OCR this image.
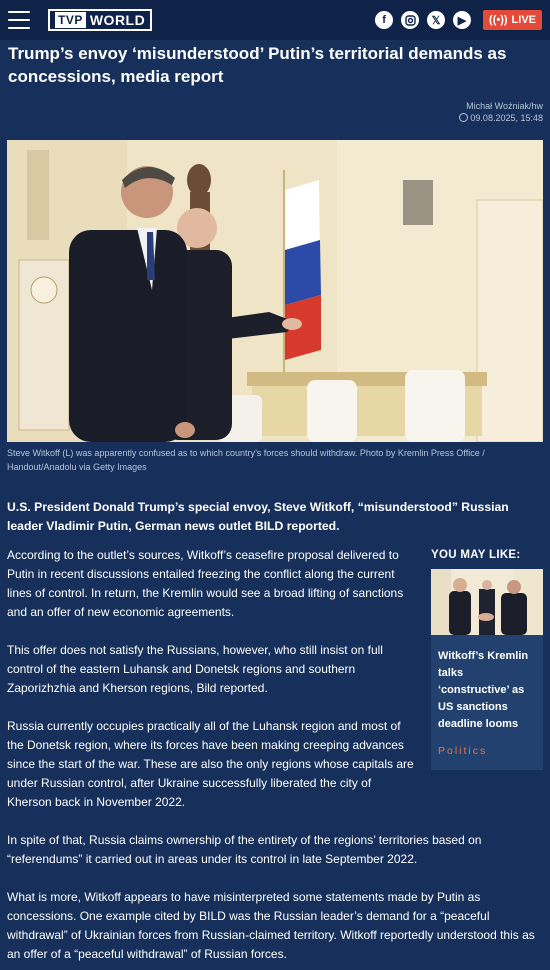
TVP WORLD	f	𝕏	▶	((•)) LIVE
Trump’s envoy ‘misunderstood’ Putin’s territorial demands as concessions, media report
Michał Woźniak/hw
09.08.2025, 15:48
Steve Witkoff (L) was apparently confused as to which country’s forces should withdraw. Photo by Kremlin Press Office / Handout/Anadolu via Getty Images
U.S. President Donald Trump’s special envoy, Steve Witkoff, “misunderstood” Russian leader Vladimir Putin, German news outlet BILD reported.

According to the outlet’s sources, Witkoff’s ceasefire proposal delivered to Putin in recent discussions entailed freezing the conflict along the current lines of control. In return, the Kremlin would see a broad lifting of sanctions and an offer of new economic agreements.

This offer does not satisfy the Russians, however, who still insist on full control of the eastern Luhansk and Donetsk regions and southern Zaporizhzhia and Kherson regions, Bild reported.

Russia currently occupies practically all of the Luhansk region and most of the Donetsk region, where its forces have been making creeping advances since the start of the war. These are also the only regions whose capitals are under Russian control, after Ukraine successfully liberated the city of Kherson back in November 2022.

In spite of that, Russia claims ownership of the entirety of the regions’ territories based on “referendums” it carried out in areas under its control in late September 2022.

What is more, Witkoff appears to have misinterpreted some statements made by Putin as concessions. One example cited by BILD was the Russian leader’s demand for a “peaceful withdrawal” of Ukrainian forces from Russian-claimed territory. Witkoff reportedly understood this as an offer of a “peaceful withdrawal” of Russian forces.

YOU MAY LIKE:
Witkoff’s Kremlin talks ‘constructive’ as US sanctions deadline looms
Politics
